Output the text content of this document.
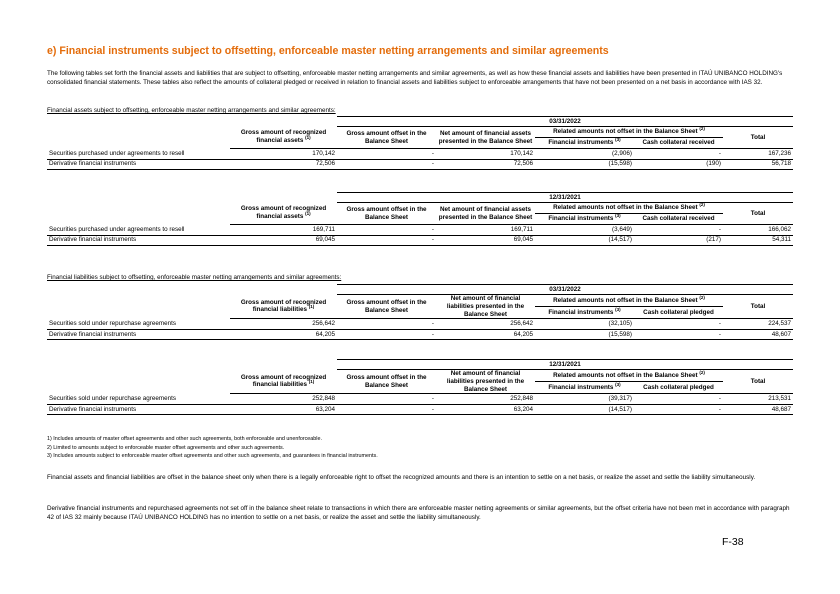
e) Financial instruments subject to offsetting, enforceable master netting arrangements and similar agreements
The following tables set forth the financial assets and liabilities that are subject to offsetting, enforceable master netting arrangements and similar agreements, as well as how these financial assets and liabilities have been presented in ITAÚ UNIBANCO HOLDING's consolidated financial statements. These tables also reflect the amounts of collateral pledged or received in relation to financial assets and liabilities subject to enforceable arrangements that have not been presented on a net basis in accordance with IAS 32.
Financial assets subject to offsetting, enforceable master netting arrangements and similar agreements:
		03/31/2022				
	Gross amount of recognized financial assets $^{(1)}$	Gross amount offset in the Balance Sheet	Net amount of financial assets presented in the Balance Sheet	Related amounts not offset in the Balance Sheet $^{(2)}$		Total
				Financial instruments $^{(3)}$	Cash collateral received	
Securities purchased under agreements to resell	170,142	-	170,142	(2,906)	-	167,236
Derivative financial instruments	72,506	-	72,506	(15,598)	(190)	56,718
		12/31/2021				
	Gross amount of recognized financial assets $^{(1)}$	Gross amount offset in the Balance Sheet	Net amount of financial assets presented in the Balance Sheet	Related amounts not offset in the Balance Sheet $^{(2)}$		Total
				Financial instruments $^{(3)}$	Cash collateral received	
Securities purchased under agreements to resell	169,711	-	169,711	(3,649)	-	166,062
Derivative financial instruments	69,045	-	69,045	(14,517)	(217)	54,311
Financial liabilities subject to offsetting, enforceable master netting arrangements and similar agreements:
		03/31/2022				
	Gross amount of recognized financial liabilities $^{(1)}$	Gross amount offset in the Balance Sheet	Net amount of financial liabilities presented in the Balance Sheet	Related amounts not offset in the Balance Sheet $^{(2)}$		Total
				Financial instruments $^{(3)}$	Cash collateral pledged	
Securities sold under repurchase agreements	256,642	-	256,642	(32,105)	-	224,537
Derivative financial instruments	64,205	-	64,205	(15,598)	-	48,607
		12/31/2021				
	Gross amount of recognized financial liabilities $^{(1)}$	Gross amount offset in the Balance Sheet	Net amount of financial liabilities presented in the Balance Sheet	Related amounts not offset in the Balance Sheet $^{(2)}$		Total
				Financial instruments $^{(3)}$	Cash collateral pledged	
Securities sold under repurchase agreements	252,848	-	252,848	(39,317)	-	213,531
Derivative financial instruments	63,204	-	63,204	(14,517)	-	48,687
1) Includes amounts of master offset agreements and other such agreements, both enforceable and unenforceable.
2) Limited to amounts subject to enforceable master offset agreements and other such agreements.
3) Includes amounts subject to enforceable master offset agreements and other such agreements, and guarantees in financial instruments.
Financial assets and financial liabilities are offset in the balance sheet only when there is a legally enforceable right to offset the recognized amounts and there is an intention to settle on a net basis, or realize the asset and settle the liability simultaneously.
Derivative financial instruments and repurchased agreements not set off in the balance sheet relate to transactions in which there are enforceable master netting agreements or similar agreements, but the offset criteria have not been met in accordance with paragraph 42 of IAS 32 mainly because ITAÚ UNIBANCO HOLDING has no intention to settle on a net basis, or realize the asset and settle the liability simultaneously.
F-38
